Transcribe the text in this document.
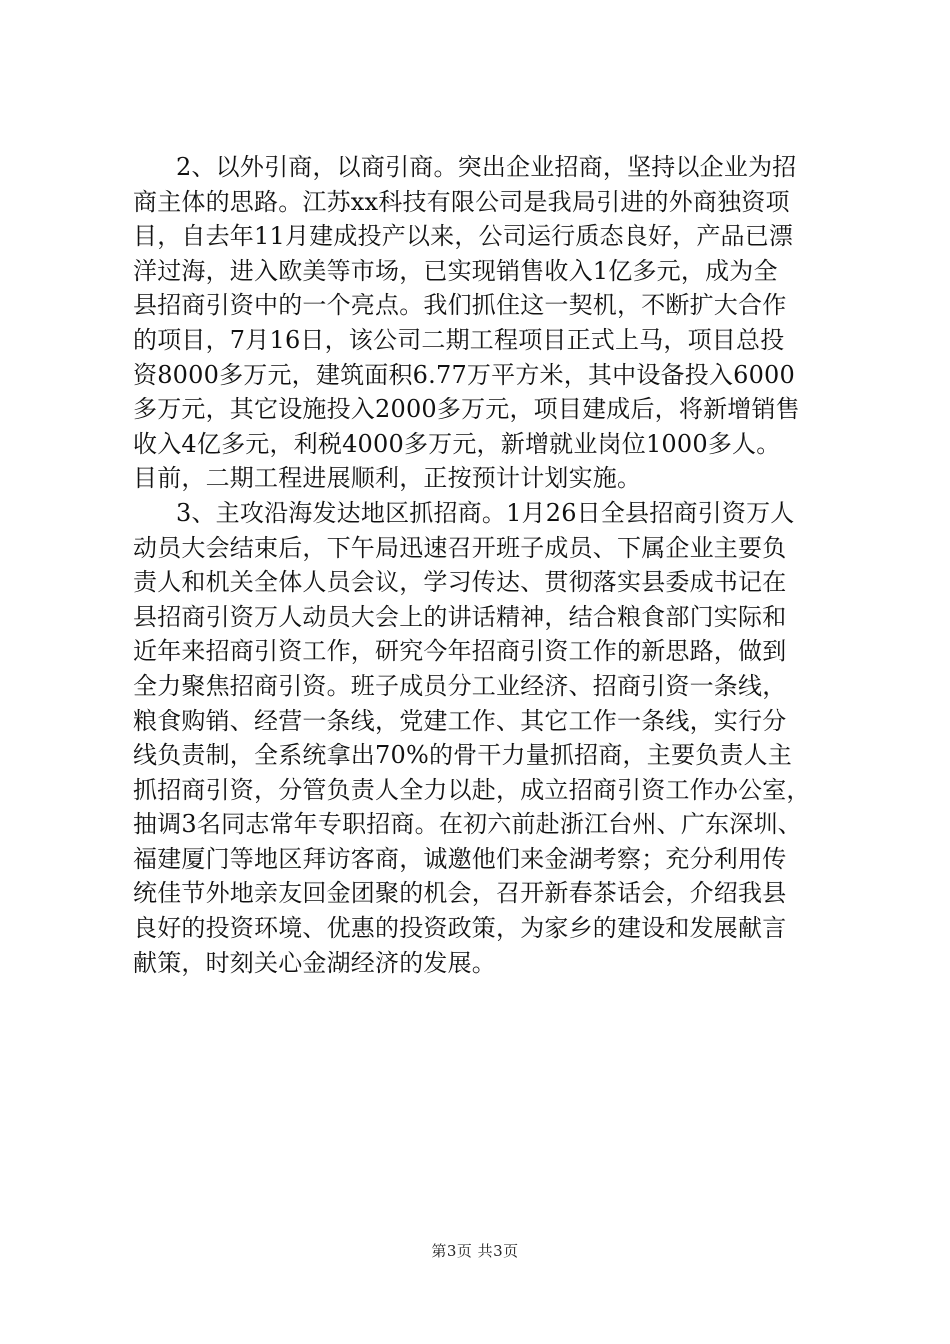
2、以外引商，以商引商。突出企业招商，坚持以企业为招
商主体的思路。江苏xx科技有限公司是我局引进的外商独资项
目，自去年11月建成投产以来，公司运行质态良好，产品已漂
洋过海，进入欧美等市场，已实现销售收入1亿多元，成为全
县招商引资中的一个亮点。我们抓住这一契机，不断扩大合作
的项目，7月16日，该公司二期工程项目正式上马，项目总投
资8000多万元，建筑面积6.77万平方米，其中设备投入6000
多万元，其它设施投入2000多万元，项目建成后，将新增销售
收入4亿多元，利税4000多万元，新增就业岗位1000多人。
目前，二期工程进展顺利，正按预计计划实施。
3、主攻沿海发达地区抓招商。1月26日全县招商引资万人
动员大会结束后，下午局迅速召开班子成员、下属企业主要负
责人和机关全体人员会议，学习传达、贯彻落实县委成书记在
县招商引资万人动员大会上的讲话精神，结合粮食部门实际和
近年来招商引资工作，研究今年招商引资工作的新思路，做到
全力聚焦招商引资。班子成员分工业经济、招商引资一条线，
粮食购销、经营一条线，党建工作、其它工作一条线，实行分
线负责制，全系统拿出70%的骨干力量抓招商，主要负责人主
抓招商引资，分管负责人全力以赴，成立招商引资工作办公室，
抽调3名同志常年专职招商。在初六前赴浙江台州、广东深圳、
福建厦门等地区拜访客商，诚邀他们来金湖考察；充分利用传
统佳节外地亲友回金团聚的机会，召开新春茶话会，介绍我县
良好的投资环境、优惠的投资政策，为家乡的建设和发展献言
献策，时刻关心金湖经济的发展。
第3页 共3页
